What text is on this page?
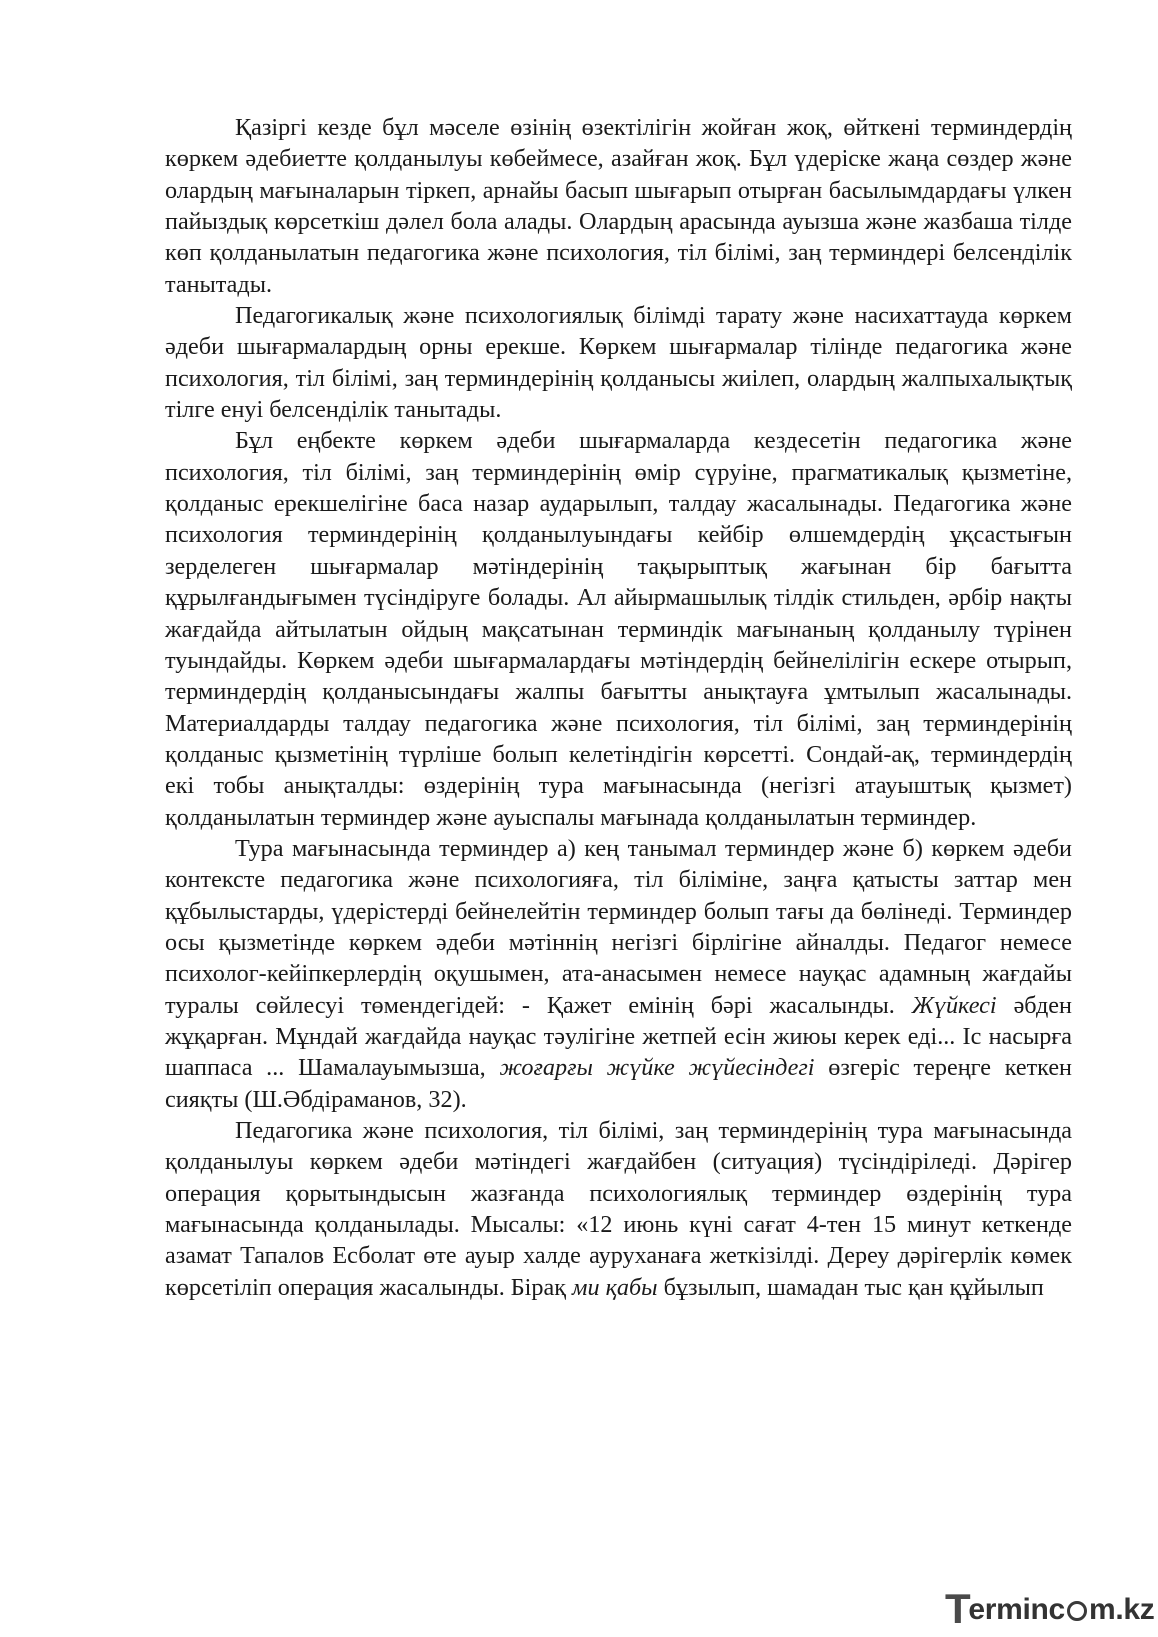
Қазіргі кезде бұл мәселе өзінің өзектілігін жойған жоқ, өйткені терминдердің көркем әдебиетте қолданылуы көбеймесе, азайған жоқ. Бұл үдеріске жаңа сөздер және олардың мағыналарын тіркеп, арнайы басып шығарып отырған басылымдардағы үлкен пайыздық көрсеткіш дәлел бола алады. Олардың арасында ауызша және жазбаша тілде көп қолданылатын педагогика және психология, тіл білімі, заң терминдері белсенділік танытады.

Педагогикалық және психологиялық білімді тарату және насихаттауда көркем әдеби шығармалардың орны ерекше. Көркем шығармалар тілінде педагогика және психология, тіл білімі, заң терминдерінің қолданысы жиілеп, олардың жалпыхалықтық тілге енуі белсенділік танытады.

Бұл еңбекте көркем әдеби шығармаларда кездесетін педагогика және психология, тіл білімі, заң терминдерінің өмір сүруіне, прагматикалық қызметіне, қолданыс ерекшелігіне баса назар аударылып, талдау жасалынады. Педагогика және психология терминдерінің қолданылуындағы кейбір өлшемдердің ұқсастығын зерделеген шығармалар мәтіндерінің тақырыптық жағынан бір бағытта құрылғандығымен түсіндіруге болады. Ал айырмашылық тілдік стильден, әрбір нақты жағдайда айтылатын ойдың мақсатынан терминдік мағынаның қолданылу түрінен туындайды. Көркем әдеби шығармалардағы мәтіндердің бейнелілігін ескере отырып, терминдердің қолданысындағы жалпы бағытты анықтауға ұмтылып жасалынады. Материалдарды талдау педагогика және психология, тіл білімі, заң терминдерінің қолданыс қызметінің түрліше болып келетіндігін көрсетті. Сондай-ақ, терминдердің екі тобы анықталды: өздерінің тура мағынасында (негізгі атауыштық қызмет) қолданылатын терминдер және ауыспалы мағынада қолданылатын терминдер.

Тура мағынасында терминдер а) кең танымал терминдер және б) көркем әдеби контексте педагогика және психологияға, тіл біліміне, заңға қатысты заттар мен құбылыстарды, үдерістерді бейнелейтін терминдер болып тағы да бөлінеді. Терминдер осы қызметінде көркем әдеби мәтіннің негізгі бірлігіне айналды. Педагог немесе психолог-кейіпкерлердің оқушымен, ата-анасымен немесе науқас адамның жағдайы туралы сөйлесуі төмендегідей: - Қажет емінің бәрі жасалынды. Жүйкесі әбден жұқарған. Мұндай жағдайда науқас тәулігіне жетпей есін жиюы керек еді... Іс насырға шаппаса ... Шамалауымызша, жоғарғы жүйке жүйесіндегі өзгеріс тереңге кеткен сияқты (Ш.Әбдіраманов, 32).

Педагогика және психология, тіл білімі, заң терминдерінің тура мағынасында қолданылуы көркем әдеби мәтіндегі жағдайбен (ситуация) түсіндіріледі. Дәрігер операция қорытындысын жазғанда психологиялық терминдер өздерінің тура мағынасында қолданылады. Мысалы: «12 июнь күні сағат 4-тен 15 минут кеткенде азамат Тапалов Есболат өте ауыр халде ауруханаға жеткізілді. Дереу дәрігерлік көмек көрсетіліп операция жасалынды. Бірақ ми қабы бұзылып, шамадан тыс қан құйылып

Terminc m.kz
